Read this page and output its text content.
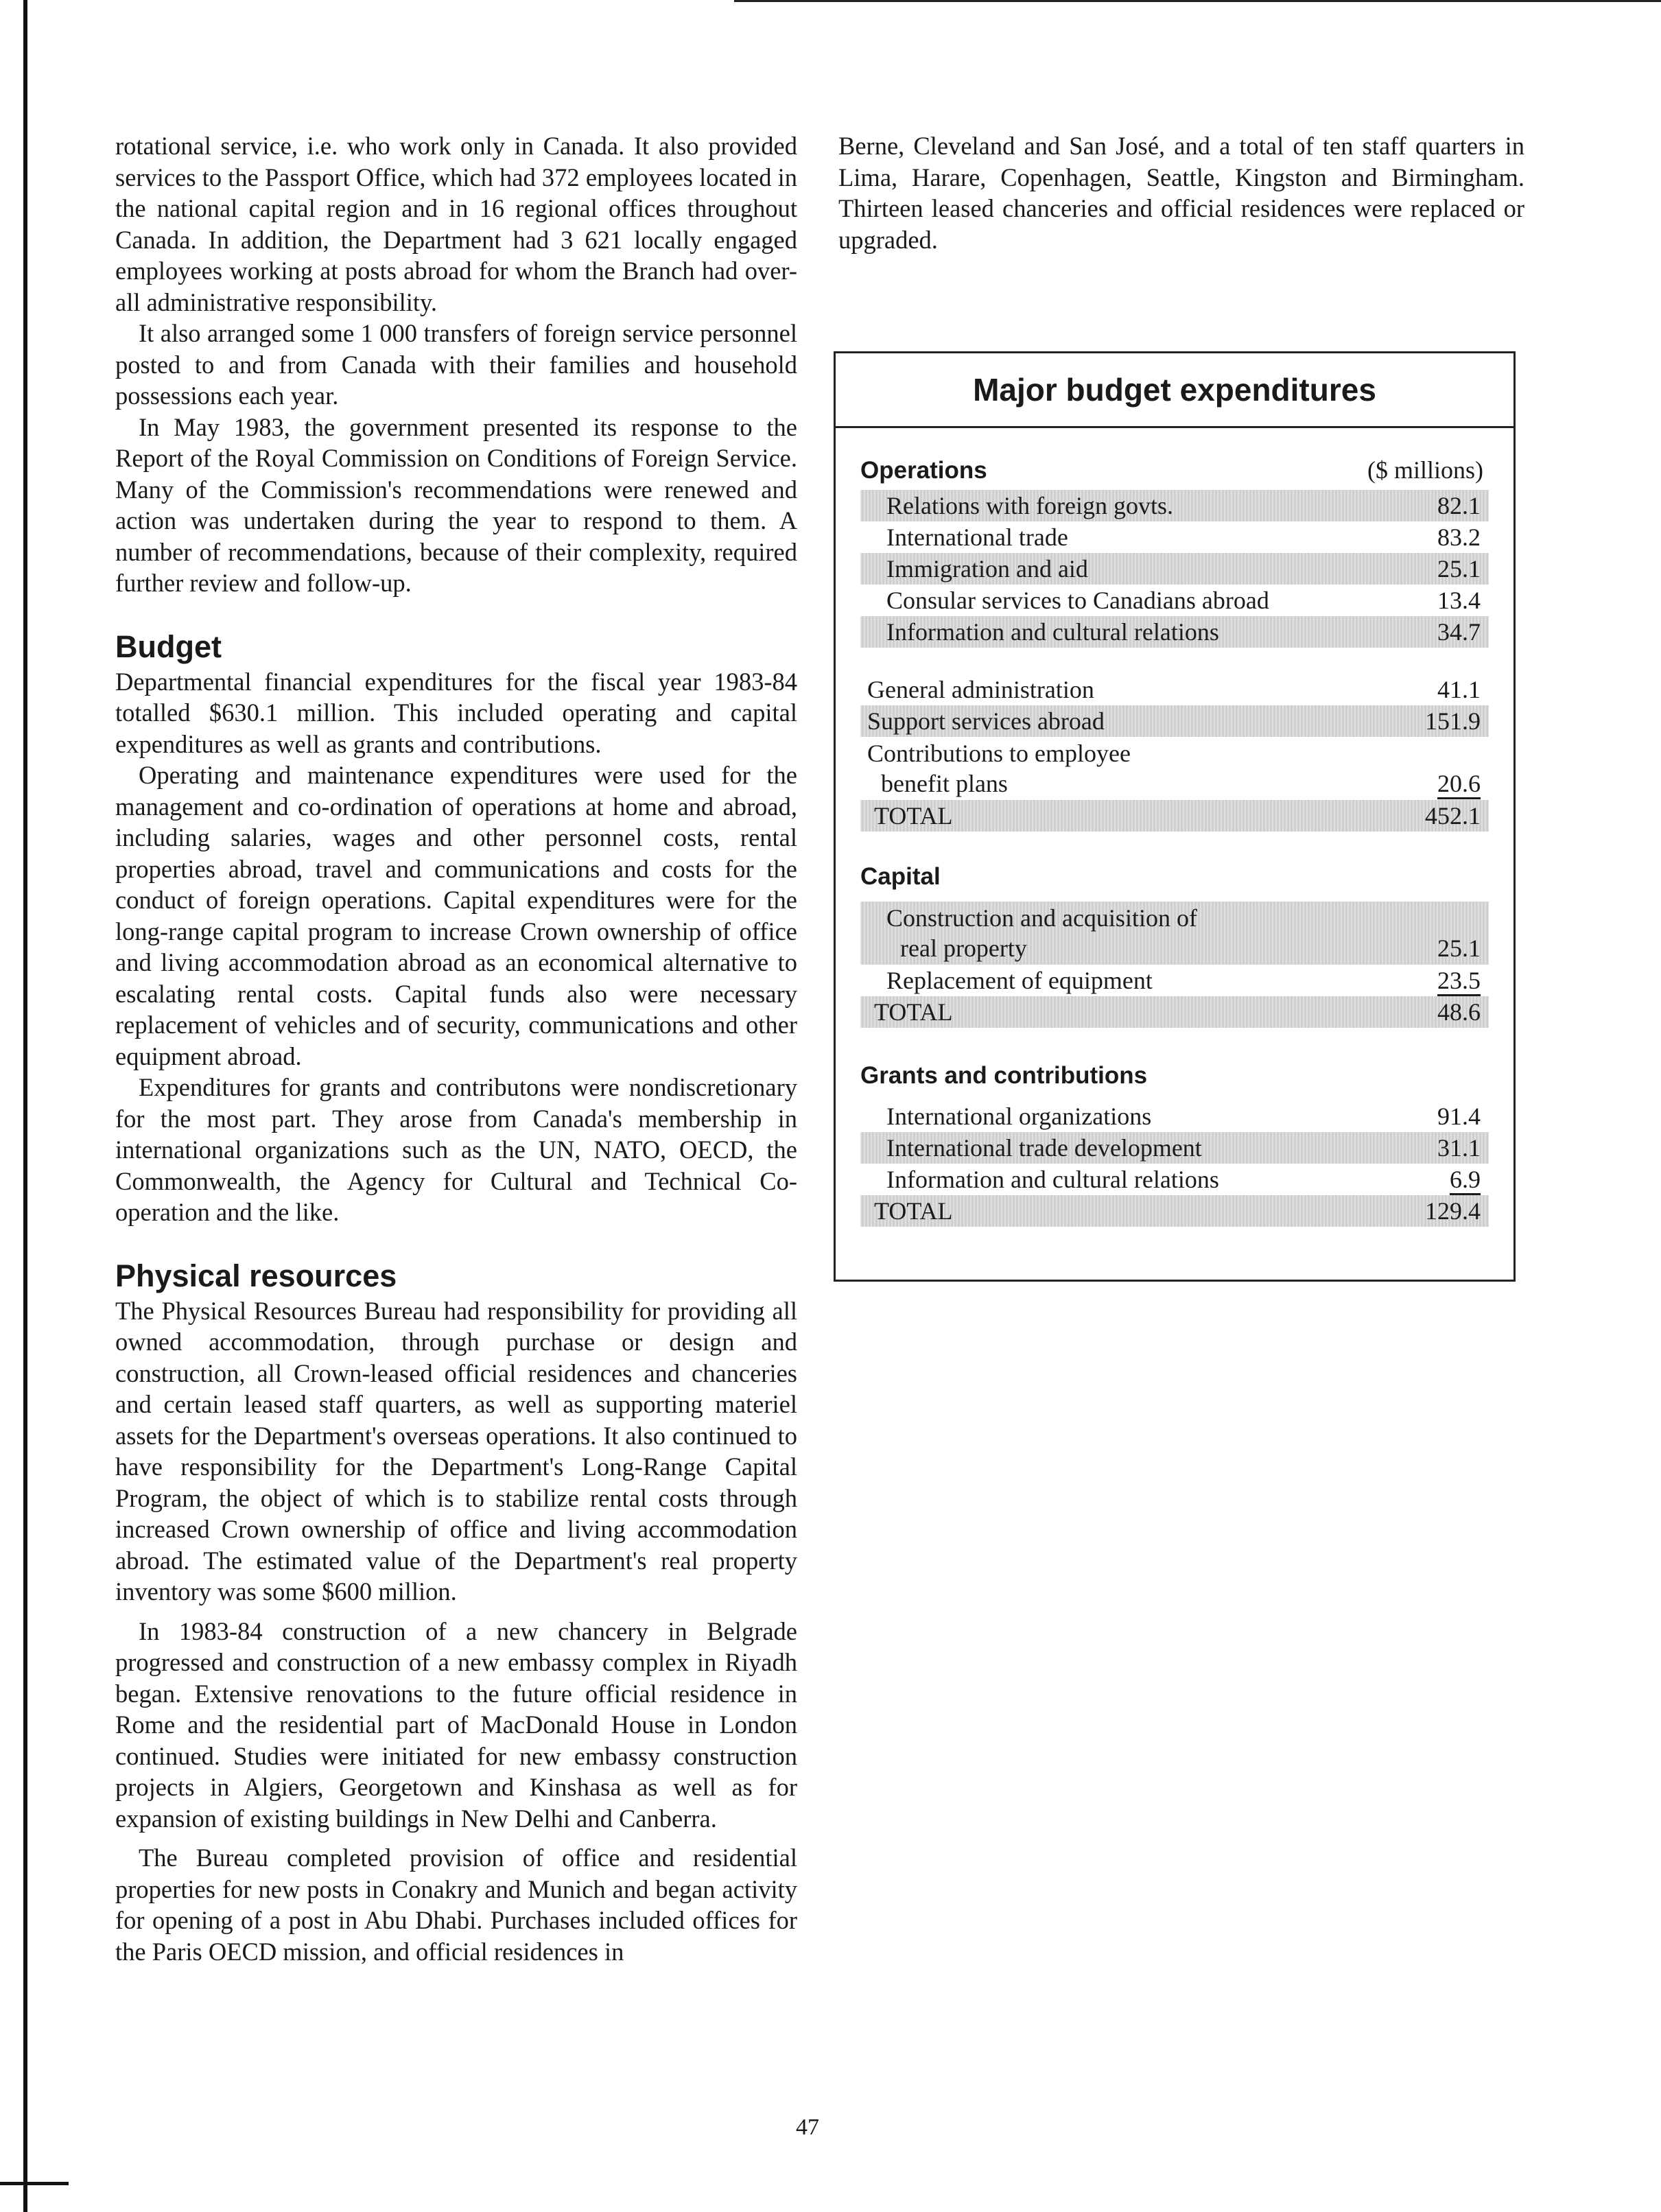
rotational service, i.e. who work only in Canada. It also provided services to the Passport Office, which had 372 employees located in the national capital region and in 16 regional offices throughout Canada. In addition, the Department had 3 621 locally engaged employees working at posts abroad for whom the Branch had over-all administrative responsibility.

It also arranged some 1 000 transfers of foreign service personnel posted to and from Canada with their families and household possessions each year.

In May 1983, the government presented its response to the Report of the Royal Commission on Conditions of Foreign Service. Many of the Commission's recommendations were renewed and action was undertaken during the year to respond to them. A number of recommendations, because of their complexity, required further review and follow-up.

Budget

Departmental financial expenditures for the fiscal year 1983-84 totalled $630.1 million. This included operating and capital expenditures as well as grants and contributions.

Operating and maintenance expenditures were used for the management and co-ordination of operations at home and abroad, including salaries, wages and other personnel costs, rental properties abroad, travel and communications and costs for the conduct of foreign operations. Capital expenditures were for the long-range capital program to increase Crown ownership of office and living accommodation abroad as an economical alternative to escalating rental costs. Capital funds also were necessary replacement of vehicles and of security, communications and other equipment abroad.

Expenditures for grants and contributons were nondiscretionary for the most part. They arose from Canada's membership in international organizations such as the UN, NATO, OECD, the Commonwealth, the Agency for Cultural and Technical Co-operation and the like.

Physical resources

The Physical Resources Bureau had responsibility for providing all owned accommodation, through purchase or design and construction, all Crown-leased official residences and chanceries and certain leased staff quarters, as well as supporting materiel assets for the Department's overseas operations. It also continued to have responsibility for the Department's Long-Range Capital Program, the object of which is to stabilize rental costs through increased Crown ownership of office and living accommodation abroad. The estimated value of the Department's real property inventory was some $600 million.

In 1983-84 construction of a new chancery in Belgrade progressed and construction of a new embassy complex in Riyadh began. Extensive renovations to the future official residence in Rome and the residential part of MacDonald House in London continued. Studies were initiated for new embassy construction projects in Algiers, Georgetown and Kinshasa as well as for expansion of existing buildings in New Delhi and Canberra.

The Bureau completed provision of office and residential properties for new posts in Conakry and Munich and began activity for opening of a post in Abu Dhabi. Purchases included offices for the Paris OECD mission, and official residences in

Berne, Cleveland and San José, and a total of ten staff quarters in Lima, Harare, Copenhagen, Seattle, Kingston and Birmingham. Thirteen leased chanceries and official residences were replaced or upgraded.

Major budget expenditures
Operations	($ millions)
Relations with foreign govts.	82.1
International trade	83.2
Immigration and aid	25.1
Consular services to Canadians abroad	13.4
Information and cultural relations	34.7
General administration	41.1
Support services abroad	151.9
Contributions to employee
benefit plans	20.6
TOTAL	452.1
Capital
Construction and acquisition of
real property	25.1
Replacement of equipment	23.5
TOTAL	48.6
Grants and contributions
International organizations	91.4
International trade development	31.1
Information and cultural relations	6.9
TOTAL	129.4
47
